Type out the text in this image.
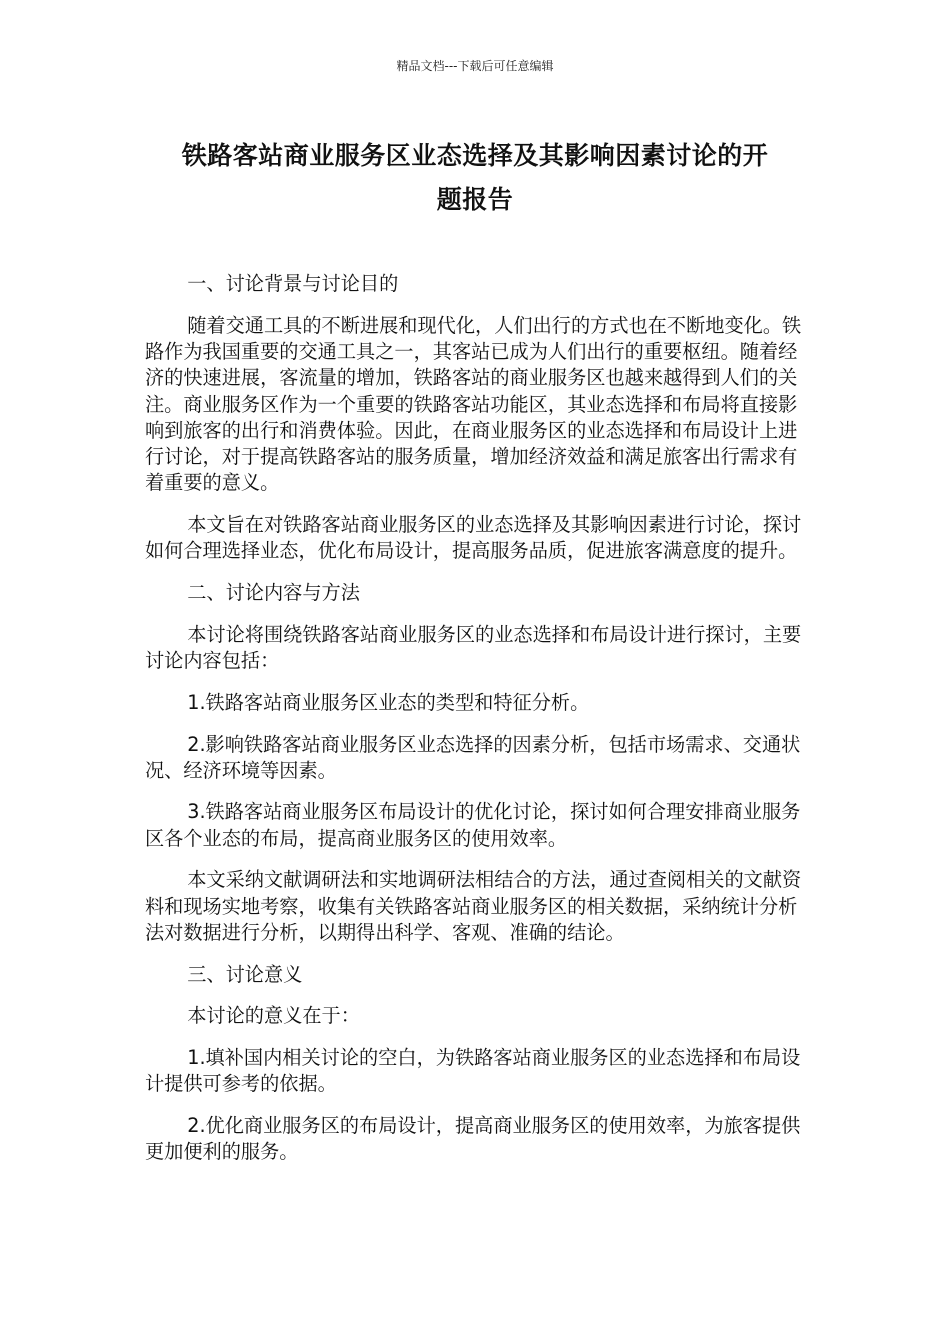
精品文档---下载后可任意编辑
铁路客站商业服务区业态选择及其影响因素讨论的开
题报告

一、讨论背景与讨论目的

随着交通工具的不断进展和现代化，人们出行的方式也在不断地变化。铁路作为我国重要的交通工具之一，其客站已成为人们出行的重要枢纽。随着经济的快速进展，客流量的增加，铁路客站的商业服务区也越来越得到人们的关注。商业服务区作为一个重要的铁路客站功能区，其业态选择和布局将直接影响到旅客的出行和消费体验。因此，在商业服务区的业态选择和布局设计上进行讨论，对于提高铁路客站的服务质量，增加经济效益和满足旅客出行需求有着重要的意义。

本文旨在对铁路客站商业服务区的业态选择及其影响因素进行讨论，探讨如何合理选择业态，优化布局设计，提高服务品质，促进旅客满意度的提升。

二、讨论内容与方法

本讨论将围绕铁路客站商业服务区的业态选择和布局设计进行探讨，主要讨论内容包括：

1.铁路客站商业服务区业态的类型和特征分析。

2.影响铁路客站商业服务区业态选择的因素分析，包括市场需求、交通状况、经济环境等因素。

3.铁路客站商业服务区布局设计的优化讨论，探讨如何合理安排商业服务区各个业态的布局，提高商业服务区的使用效率。

本文采纳文献调研法和实地调研法相结合的方法，通过查阅相关的文献资料和现场实地考察，收集有关铁路客站商业服务区的相关数据，采纳统计分析法对数据进行分析，以期得出科学、客观、准确的结论。

三、讨论意义

本讨论的意义在于：

1.填补国内相关讨论的空白，为铁路客站商业服务区的业态选择和布局设计提供可参考的依据。

2.优化商业服务区的布局设计，提高商业服务区的使用效率，为旅客提供更加便利的服务。
